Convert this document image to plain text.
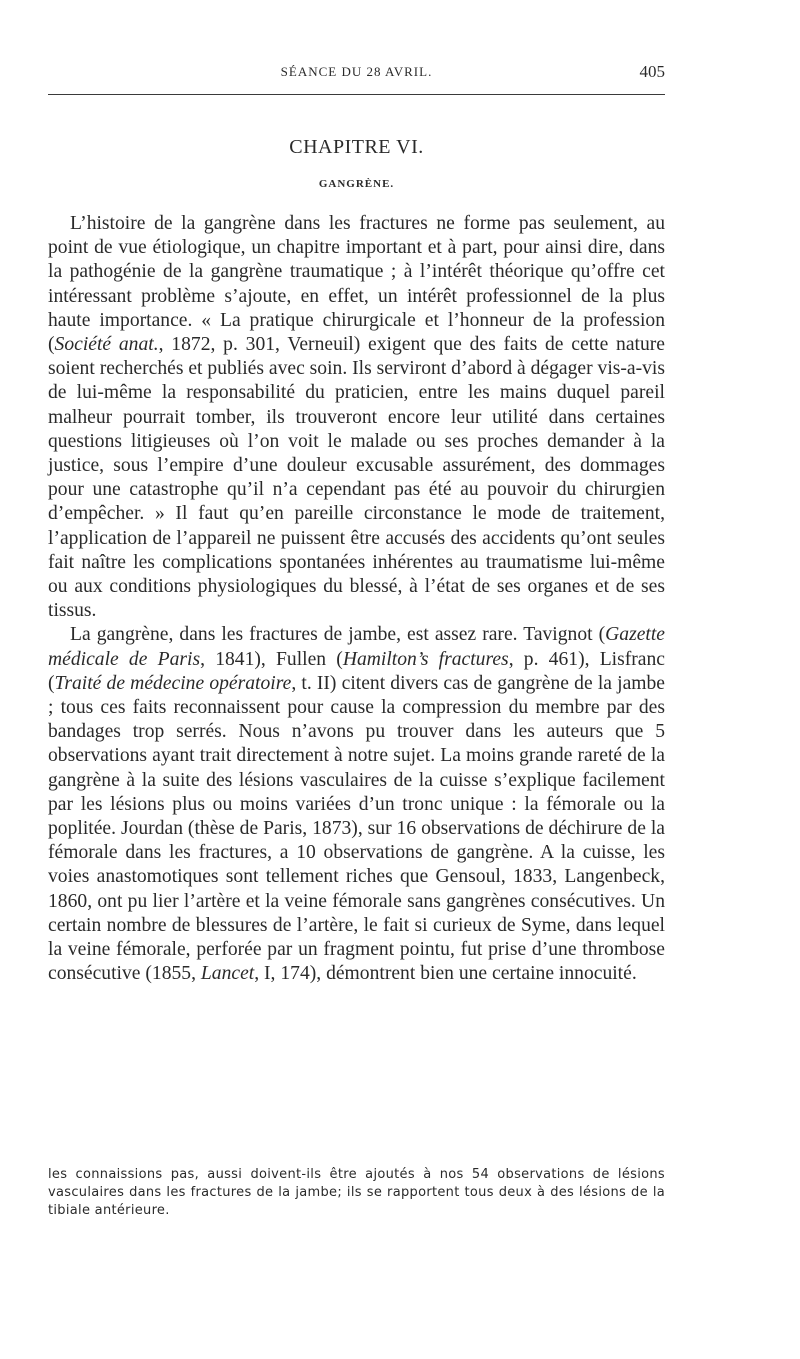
SÉANCE DU 28 AVRIL.	405
CHAPITRE VI.
GANGRÈNE.

L’histoire de la gangrène dans les fractures ne forme pas seulement, au point de vue étiologique, un chapitre important et à part, pour ainsi dire, dans la pathogénie de la gangrène traumatique ; à l’intérêt théorique qu’offre cet intéressant problème s’ajoute, en effet, un intérêt professionnel de la plus haute importance. « La pratique chirurgicale et l’honneur de la profession (Société anat., 1872, p. 301, Verneuil) exigent que des faits de cette nature soient recherchés et publiés avec soin. Ils serviront d’abord à dégager vis-a-vis de lui-même la responsabilité du praticien, entre les mains duquel pareil malheur pourrait tomber, ils trouveront encore leur utilité dans certaines questions litigieuses où l’on voit le malade ou ses proches demander à la justice, sous l’empire d’une douleur excusable assurément, des dommages pour une catastrophe qu’il n’a cependant pas été au pouvoir du chirurgien d’empêcher. » Il faut qu’en pareille circonstance le mode de traitement, l’application de l’appareil ne puissent être accusés des accidents qu’ont seules fait naître les complications spontanées inhérentes au traumatisme lui-même ou aux conditions physiologiques du blessé, à l’état de ses organes et de ses tissus.

La gangrène, dans les fractures de jambe, est assez rare. Tavignot (Gazette médicale de Paris, 1841), Fullen (Hamilton’s fractures, p. 461), Lisfranc (Traité de médecine opératoire, t. II) citent divers cas de gangrène de la jambe ; tous ces faits reconnaissent pour cause la compression du membre par des bandages trop serrés. Nous n’avons pu trouver dans les auteurs que 5 observations ayant trait directement à notre sujet. La moins grande rareté de la gangrène à la suite des lésions vasculaires de la cuisse s’explique facilement par les lésions plus ou moins variées d’un tronc unique : la fémorale ou la poplitée. Jourdan (thèse de Paris, 1873), sur 16 observations de déchirure de la fémorale dans les fractures, a 10 observations de gangrène. A la cuisse, les voies anastomotiques sont tellement riches que Gensoul, 1833, Langenbeck, 1860, ont pu lier l’artère et la veine fémorale sans gangrènes consécutives. Un certain nombre de blessures de l’artère, le fait si curieux de Syme, dans lequel la veine fémorale, perforée par un fragment pointu, fut prise d’une thrombose consécutive (1855, Lancet, I, 174), démontrent bien une certaine innocuité.

les connaissions pas, aussi doivent-ils être ajoutés à nos 54 observations de lésions vasculaires dans les fractures de la jambe; ils se rapportent tous deux à des lésions de la tibiale antérieure.
